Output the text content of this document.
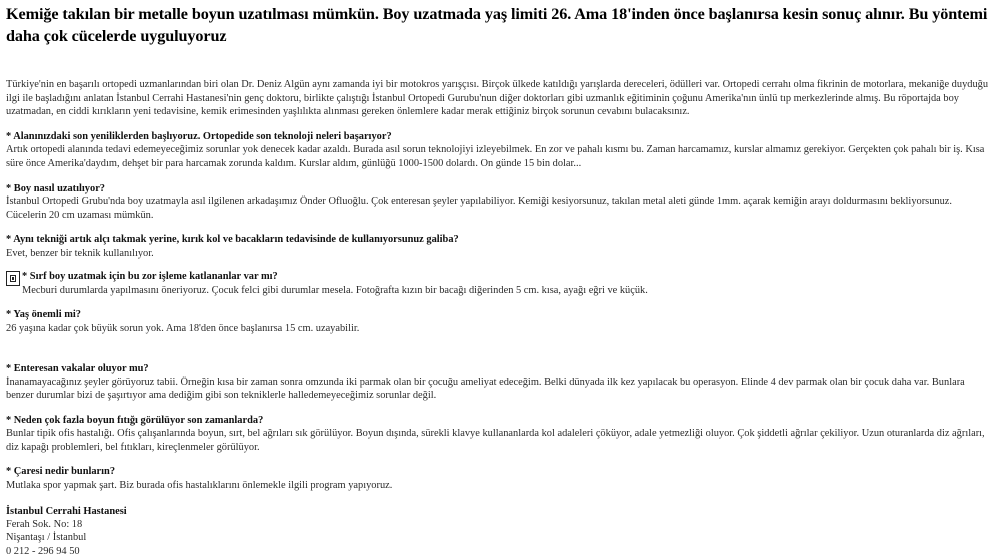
Kemiğe takılan bir metalle boyun uzatılması mümkün. Boy uzatmada yaş limiti 26. Ama 18'inden önce başlanırsa kesin sonuç alınır. Bu yöntemi daha çok cücelerde uyguluyoruz

Türkiye'nin en başarılı ortopedi uzmanlarından biri olan Dr. Deniz Algün aynı zamanda iyi bir motokros yarışçısı. Birçok ülkede katıldığı yarışlarda dereceleri, ödülleri var. Ortopedi cerrahı olma fikrinin de motorlara, mekaniğe duyduğu ilgi ile başladığını anlatan İstanbul Cerrahi Hastanesi'nin genç doktoru, birlikte çalıştığı İstanbul Ortopedi Gurubu'nun diğer doktorları gibi uzmanlık eğitiminin çoğunu Amerika'nın ünlü tıp merkezlerinde almış. Bu röportajda boy uzatmadan, en ciddi kırıkların yeni tedavisine, kemik erimesinden yaşlılıkta alınması gereken önlemlere kadar merak ettiğiniz birçok sorunun cevabını bulacaksınız.

* Alanınızdaki son yeniliklerden başlıyoruz. Ortopedide son teknoloji neleri başarıyor?
Artık ortopedi alanında tedavi edemeyeceğimiz sorunlar yok denecek kadar azaldı. Burada asıl sorun teknolojiyi izleyebilmek. En zor ve pahalı kısmı bu. Zaman harcamamız, kurslar almamız gerekiyor. Gerçekten çok pahalı bir iş. Kısa süre önce Amerika'daydım, dehşet bir para harcamak zorunda kaldım. Kurslar aldım, günlüğü 1000-1500 dolardı. On günde 15 bin dolar...
* Boy nasıl uzatılıyor?
İstanbul Ortopedi Grubu'nda boy uzatmayla asıl ilgilenen arkadaşımız Önder Ofluoğlu. Çok enteresan şeyler yapılabiliyor. Kemiği kesiyorsunuz, takılan metal aleti günde 1mm. açarak kemiğin arayı doldurmasını bekliyorsunuz. Cücelerin 20 cm uzaması mümkün.
* Aynı tekniği artık alçı takmak yerine, kırık kol ve bacakların tedavisinde de kullanıyorsunuz galiba?
Evet, benzer bir teknik kullanılıyor.
* Sırf boy uzatmak için bu zor işleme katlananlar var mı?
Mecburi durumlarda yapılmasını öneriyoruz. Çocuk felci gibi durumlar mesela. Fotoğrafta kızın bir bacağı diğerinden 5 cm. kısa, ayağı eğri ve küçük.
* Yaş önemli mi?
26 yaşına kadar çok büyük sorun yok. Ama 18'den önce başlanırsa 15 cm. uzayabilir.
* Enteresan vakalar oluyor mu?
İnanamayacağınız şeyler görüyoruz tabii. Örneğin kısa bir zaman sonra omzunda iki parmak olan bir çocuğu ameliyat edeceğim. Belki dünyada ilk kez yapılacak bu operasyon. Elinde 4 dev parmak olan bir çocuk daha var. Bunlara benzer durumlar bizi de şaşırtıyor ama dediğim gibi son tekniklerle halledemeyeceğimiz sorunlar değil.
* Neden çok fazla boyun fıtığı görülüyor son zamanlarda?
Bunlar tipik ofis hastalığı. Ofis çalışanlarında boyun, sırt, bel ağrıları sık görülüyor. Boyun dışında, sürekli klavye kullananlarda kol adaleleri çöküyor, adale yetmezliği oluyor. Çok şiddetli ağrılar çekiliyor. Uzun oturanlarda diz ağrıları, diz kapağı problemleri, bel fıtıkları, kireçlenmeler görülüyor.
* Çaresi nedir bunların?
Mutlaka spor yapmak şart. Biz burada ofis hastalıklarını önlemekle ilgili program yapıyoruz.
İstanbul Cerrahi Hastanesi
Ferah Sok. No: 18
Nişantaşı / İstanbul
0 212 - 296 94 50
